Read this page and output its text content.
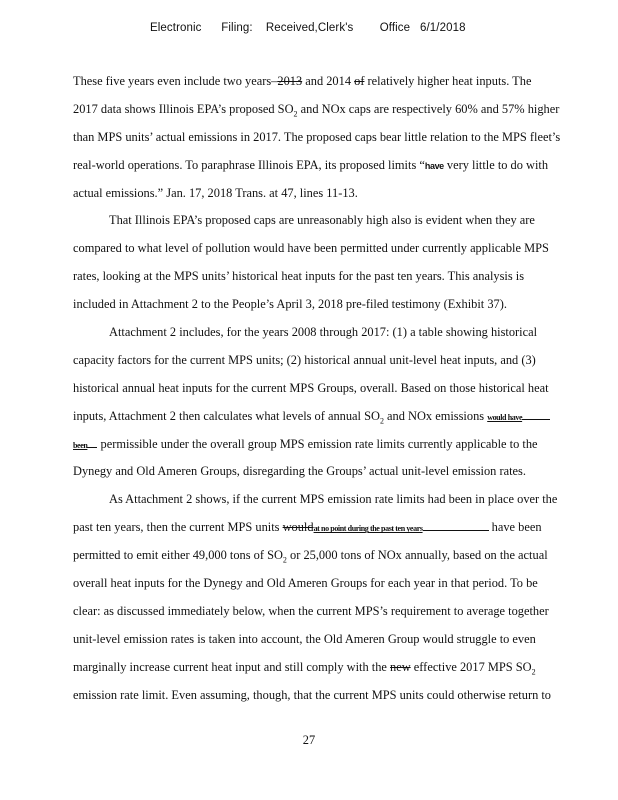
Electronic      Filing:    Received,Clerk's        Office   6/1/2018
These five years even include two years–2013 and 2014 of relatively higher heat inputs. The
2017 data shows Illinois EPA’s proposed $SO_2$ and NOx caps are respectively 60% and 57% higher
than MPS units’ actual emissions in 2017. The proposed caps bear little relation to the MPS fleet’s
real-world operations. To paraphrase Illinois EPA, its proposed limits “have very little to do with
actual emissions.” Jan. 17, 2018 Trans. at 47, lines 11-13.
That Illinois EPA’s proposed caps are unreasonably high also is evident when they are
compared to what level of pollution would have been permitted under currently applicable MPS
rates, looking at the MPS units’ historical heat inputs for the past ten years. This analysis is
included in Attachment 2 to the People’s April 3, 2018 pre-filed testimony (Exhibit 37).
Attachment 2 includes, for the years 2008 through 2017: (1) a table showing historical
capacity factors for the current MPS units; (2) historical annual unit-level heat inputs, and (3)
historical annual heat inputs for the current MPS Groups, overall. Based on those historical heat
inputs, Attachment 2 then calculates what levels of annual $SO_2$ and NOx emissions would have
been permissible under the overall group MPS emission rate limits currently applicable to the
Dynegy and Old Ameren Groups, disregarding the Groups’ actual unit-level emission rates.
As Attachment 2 shows, if the current MPS emission rate limits had been in place over the
past ten years, then the current MPS units wouldat no point during the past ten years	have been
permitted to emit either 49,000 tons of $SO_2$ or 25,000 tons of NOx annually, based on the actual
overall heat inputs for the Dynegy and Old Ameren Groups for each year in that period. To be
clear: as discussed immediately below, when the current MPS’s requirement to average together
unit-level emission rates is taken into account, the Old Ameren Group would struggle to even
marginally increase current heat input and still comply with the new effective 2017 MPS $SO_2$
emission rate limit. Even assuming, though, that the current MPS units could otherwise return to
27
